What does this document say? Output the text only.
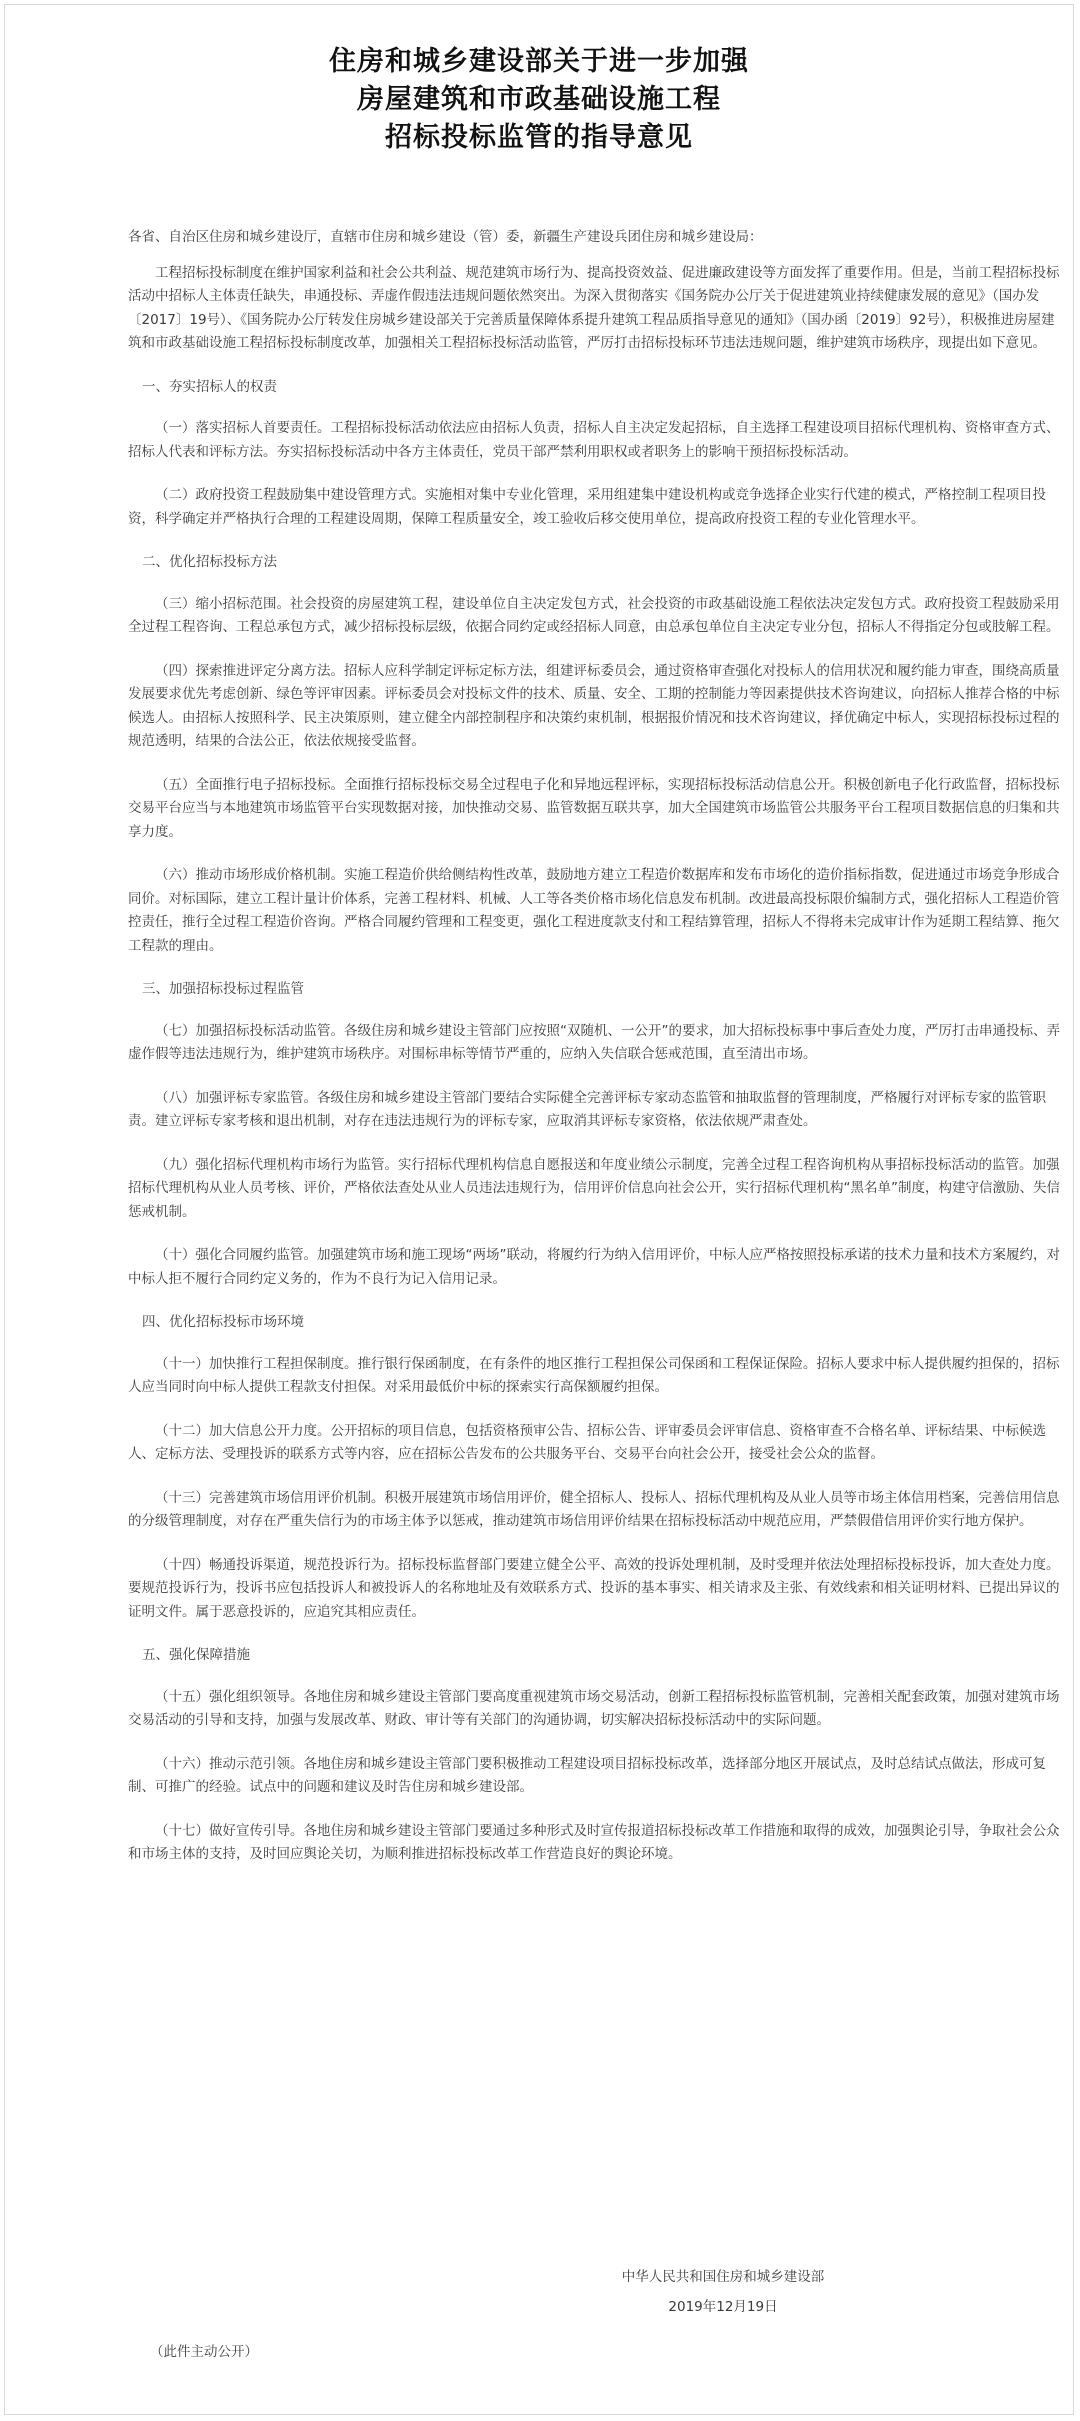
住房和城乡建设部关于进一步加强
房屋建筑和市政基础设施工程
招标投标监管的指导意见

各省、自治区住房和城乡建设厅，直辖市住房和城乡建设（管）委，新疆生产建设兵团住房和城乡建设局：

工程招标投标制度在维护国家利益和社会公共利益、规范建筑市场行为、提高投资效益、促进廉政建设等方面发挥了重要作用。但是，当前工程招标投标活动中招标人主体责任缺失，串通投标、弄虚作假违法违规问题依然突出。为深入贯彻落实《国务院办公厅关于促进建筑业持续健康发展的意见》（国办发〔2017〕19号）、《国务院办公厅转发住房城乡建设部关于完善质量保障体系提升建筑工程品质指导意见的通知》（国办函〔2019〕92号），积极推进房屋建筑和市政基础设施工程招标投标制度改革，加强相关工程招标投标活动监管，严厉打击招标投标环节违法违规问题，维护建筑市场秩序，现提出如下意见。

一、夯实招标人的权责

（一）落实招标人首要责任。工程招标投标活动依法应由招标人负责，招标人自主决定发起招标，自主选择工程建设项目招标代理机构、资格审查方式、招标人代表和评标方法。夯实招标投标活动中各方主体责任，党员干部严禁利用职权或者职务上的影响干预招标投标活动。

（二）政府投资工程鼓励集中建设管理方式。实施相对集中专业化管理，采用组建集中建设机构或竞争选择企业实行代建的模式，严格控制工程项目投资，科学确定并严格执行合理的工程建设周期，保障工程质量安全，竣工验收后移交使用单位，提高政府投资工程的专业化管理水平。

二、优化招标投标方法

（三）缩小招标范围。社会投资的房屋建筑工程，建设单位自主决定发包方式，社会投资的市政基础设施工程依法决定发包方式。政府投资工程鼓励采用全过程工程咨询、工程总承包方式，减少招标投标层级，依据合同约定或经招标人同意，由总承包单位自主决定专业分包，招标人不得指定分包或肢解工程。

（四）探索推进评定分离方法。招标人应科学制定评标定标方法，组建评标委员会，通过资格审查强化对投标人的信用状况和履约能力审查，围绕高质量发展要求优先考虑创新、绿色等评审因素。评标委员会对投标文件的技术、质量、安全、工期的控制能力等因素提供技术咨询建议，向招标人推荐合格的中标候选人。由招标人按照科学、民主决策原则，建立健全内部控制程序和决策约束机制，根据报价情况和技术咨询建议，择优确定中标人，实现招标投标过程的规范透明，结果的合法公正，依法依规接受监督。

（五）全面推行电子招标投标。全面推行招标投标交易全过程电子化和异地远程评标，实现招标投标活动信息公开。积极创新电子化行政监督，招标投标交易平台应当与本地建筑市场监管平台实现数据对接，加快推动交易、监管数据互联共享，加大全国建筑市场监管公共服务平台工程项目数据信息的归集和共享力度。

（六）推动市场形成价格机制。实施工程造价供给侧结构性改革，鼓励地方建立工程造价数据库和发布市场化的造价指标指数，促进通过市场竞争形成合同价。对标国际，建立工程计量计价体系，完善工程材料、机械、人工等各类价格市场化信息发布机制。改进最高投标限价编制方式，强化招标人工程造价管控责任，推行全过程工程造价咨询。严格合同履约管理和工程变更，强化工程进度款支付和工程结算管理，招标人不得将未完成审计作为延期工程结算、拖欠工程款的理由。

三、加强招标投标过程监管

（七）加强招标投标活动监管。各级住房和城乡建设主管部门应按照“双随机、一公开”的要求，加大招标投标事中事后查处力度，严厉打击串通投标、弄虚作假等违法违规行为，维护建筑市场秩序。对围标串标等情节严重的，应纳入失信联合惩戒范围，直至清出市场。

（八）加强评标专家监管。各级住房和城乡建设主管部门要结合实际健全完善评标专家动态监管和抽取监督的管理制度，严格履行对评标专家的监管职责。建立评标专家考核和退出机制，对存在违法违规行为的评标专家，应取消其评标专家资格，依法依规严肃查处。

（九）强化招标代理机构市场行为监管。实行招标代理机构信息自愿报送和年度业绩公示制度，完善全过程工程咨询机构从事招标投标活动的监管。加强招标代理机构从业人员考核、评价，严格依法查处从业人员违法违规行为，信用评价信息向社会公开，实行招标代理机构“黑名单”制度，构建守信激励、失信惩戒机制。

（十）强化合同履约监管。加强建筑市场和施工现场“两场”联动，将履约行为纳入信用评价，中标人应严格按照投标承诺的技术力量和技术方案履约，对中标人拒不履行合同约定义务的，作为不良行为记入信用记录。

四、优化招标投标市场环境

（十一）加快推行工程担保制度。推行银行保函制度，在有条件的地区推行工程担保公司保函和工程保证保险。招标人要求中标人提供履约担保的，招标人应当同时向中标人提供工程款支付担保。对采用最低价中标的探索实行高保额履约担保。

（十二）加大信息公开力度。公开招标的项目信息，包括资格预审公告、招标公告、评审委员会评审信息、资格审查不合格名单、评标结果、中标候选人、定标方法、受理投诉的联系方式等内容，应在招标公告发布的公共服务平台、交易平台向社会公开，接受社会公众的监督。

（十三）完善建筑市场信用评价机制。积极开展建筑市场信用评价，健全招标人、投标人、招标代理机构及从业人员等市场主体信用档案，完善信用信息的分级管理制度，对存在严重失信行为的市场主体予以惩戒，推动建筑市场信用评价结果在招标投标活动中规范应用，严禁假借信用评价实行地方保护。

（十四）畅通投诉渠道，规范投诉行为。招标投标监督部门要建立健全公平、高效的投诉处理机制，及时受理并依法处理招标投标投诉，加大查处力度。要规范投诉行为，投诉书应包括投诉人和被投诉人的名称地址及有效联系方式、投诉的基本事实、相关请求及主张、有效线索和相关证明材料、已提出异议的证明文件。属于恶意投诉的，应追究其相应责任。

五、强化保障措施

（十五）强化组织领导。各地住房和城乡建设主管部门要高度重视建筑市场交易活动，创新工程招标投标监管机制，完善相关配套政策，加强对建筑市场交易活动的引导和支持，加强与发展改革、财政、审计等有关部门的沟通协调，切实解决招标投标活动中的实际问题。

（十六）推动示范引领。各地住房和城乡建设主管部门要积极推动工程建设项目招标投标改革，选择部分地区开展试点，及时总结试点做法，形成可复制、可推广的经验。试点中的问题和建议及时告住房和城乡建设部。

（十七）做好宣传引导。各地住房和城乡建设主管部门要通过多种形式及时宣传报道招标投标改革工作措施和取得的成效，加强舆论引导，争取社会公众和市场主体的支持，及时回应舆论关切，为顺利推进招标投标改革工作营造良好的舆论环境。

中华人民共和国住房和城乡建设部
2019年12月19日
（此件主动公开）
